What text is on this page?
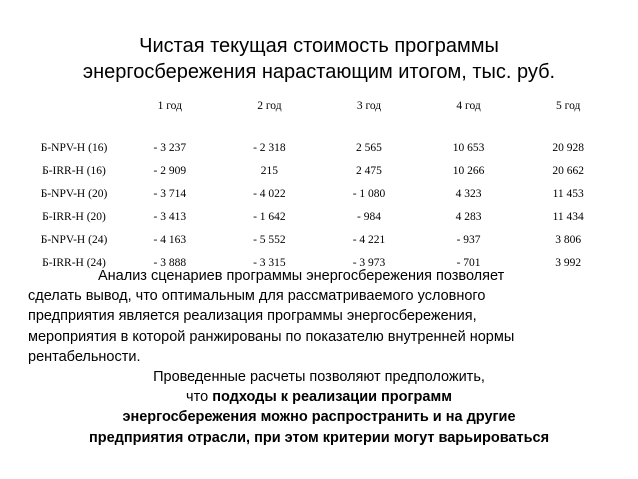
Чистая текущая стоимость программы
энергосбережения нарастающим итогом, тыс. руб.
	1 год	2 год	3 год	4 год	5 год
Б-NPV-Н (16)	- 3 237	- 2 318	2 565	10 653	20 928
Б-IRR-Н (16)	- 2 909	215	2 475	10 266	20 662
Б-NPV-Н (20)	- 3 714	- 4 022	- 1 080	4 323	11 453
Б-IRR-Н (20)	- 3 413	- 1 642	- 984	4 283	11 434
Б-NPV-Н (24)	- 4 163	- 5 552	- 4 221	- 937	3 806
Б-IRR-Н (24)	- 3 888	- 3 315	- 3 973	- 701	3 992
Анализ сценариев программы энергосбережения позволяет
сделать вывод, что оптимальным для рассматриваемого условного
предприятия является реализация программы энергосбережения,
мероприятия в которой ранжированы по показателю внутренней нормы
рентабельности.
Проведенные расчеты позволяют предположить,
что подходы к реализации программ
энергосбережения можно распространить и на другие
предприятия отрасли, при этом критерии могут варьироваться
